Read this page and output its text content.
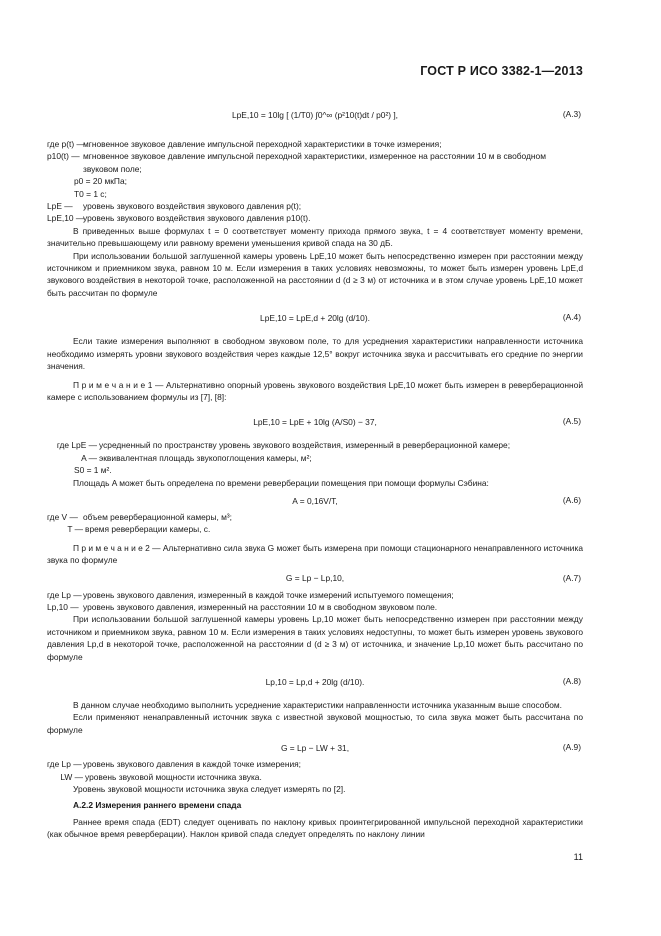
ГОСТ Р ИСО 3382-1—2013
LpE,10 = 10lg [ (1/T0) ∫0^∞ (p²10(t)dt / p0²) ],	(A.3)
где p(t) —
мгновенное звуковое давление импульсной переходной характеристики в точке измерения;
p10(t) — мгновенное звуковое давление импульсной переходной характеристики, измеренное на расстоянии 10 м в свободном звуковом поле;

p0 = 20 мкПа;

T0 = 1 с;

LpE —	уровень звукового воздействия звукового давления p(t);
LpE,10 —
уровень звукового воздействия звукового давления p10(t).

В приведенных выше формулах t = 0 соответствует моменту прихода прямого звука, t = 4 соответствует моменту времени, значительно превышающему или равному времени уменьшения кривой спада на 30 дБ.

При использовании большой заглушенной камеры уровень LpE,10 может быть непосредственно измерен при расстоянии между источником и приемником звука, равном 10 м. Если измерения в таких условиях невозможны, то может быть измерен уровень LpE,d звукового воздействия в некоторой точке, расположенной на расстоянии d (d ≥ 3 м) от источника и в этом случае уровень LpE,10 может быть рассчитан по формуле

LpE,10 = LpE,d + 20lg (d/10).	(A.4)

Если такие измерения выполняют в свободном звуковом поле, то для усреднения характеристики направленности источника необходимо измерять уровни звукового воздействия через каждые 12,5° вокруг источника звука и рассчитывать его средние по энергии значения.

П р и м е ч а н и е 1 — Альтернативно опорный уровень звукового воздействия LpE,10 может быть измерен в реверберационной камере с использованием формулы из [7], [8]:

LpE,10 = LpE + 10lg (A/S0) − 37,	(A.5)
где LpE — усредненный по пространству уровень звукового воздействия, измеренный в реверберационной камере;
A — эквивалентная площадь звукопоглощения камеры, м²;

S0 = 1 м².

Площадь A может быть определена по времени реверберации помещения при помощи формулы Сэбина:

A = 0,16V/T,	(A.6)
где V — объем реверберационной камеры, м³;
T — время реверберации камеры, с.

П р и м е ч а н и е 2 — Альтернативно сила звука G может быть измерена при помощи стационарного ненаправленного источника звука по формуле

G = Lp − Lp,10,	(A.7)
где Lp — уровень звукового давления, измеренный в каждой точке измерений испытуемого помещения;
Lp,10 — уровень звукового давления, измеренный на расстоянии 10 м в свободном звуковом поле.

При использовании большой заглушенной камеры уровень Lp,10 может быть непосредственно измерен при расстоянии между источником и приемником звука, равном 10 м. Если измерения в таких условиях недоступны, то может быть измерен уровень звукового давления Lp,d в некоторой точке, расположенной на расстоянии d (d ≥ 3 м) от источника, и значение Lp,10 может быть рассчитано по формуле

Lp,10 = Lp,d + 20lg (d/10).	(A.8)

В данном случае необходимо выполнить усреднение характеристики направленности источника указанным выше способом.

Если применяют ненаправленный источник звука с известной звуковой мощностью, то сила звука может быть рассчитана по формуле

G = Lp − LW + 31,	(A.9)
где Lp — уровень звукового давления в каждой точке измерения;
LW — уровень звуковой мощности источника звука.

Уровень звуковой мощности источника звука следует измерять по [2].

A.2.2 Измерения раннего времени спада

Раннее время спада (EDT) следует оценивать по наклону кривых проинтегрированной импульсной переходной характеристики (как обычное время реверберации). Наклон кривой спада следует определять по наклону линии

11
